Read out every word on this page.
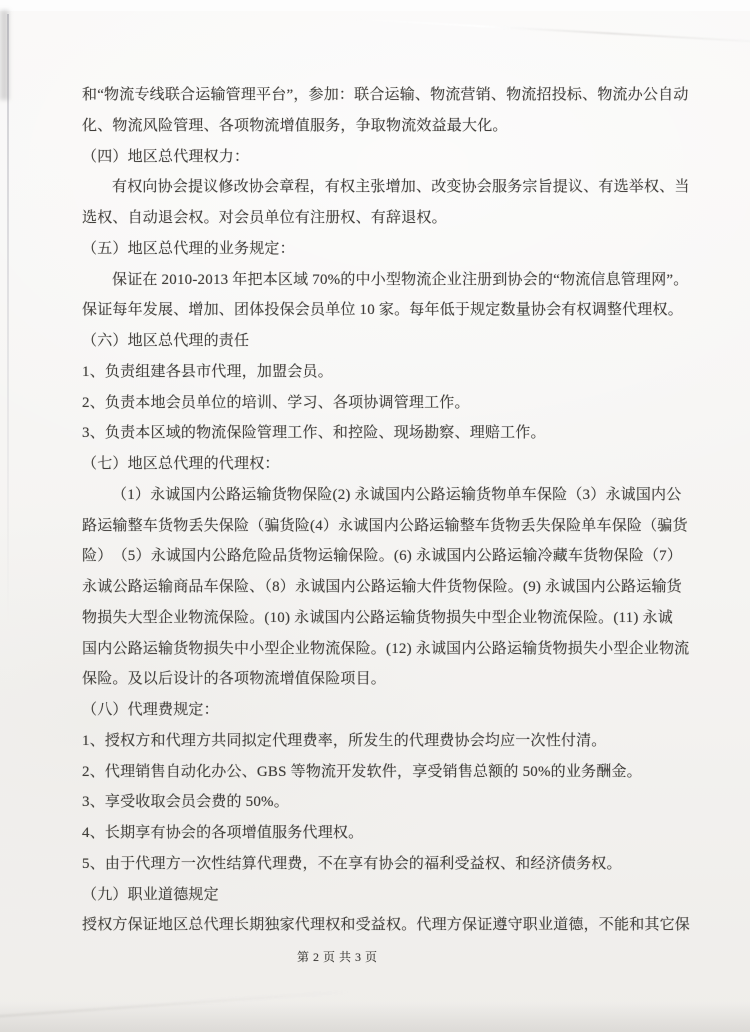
和“物流专线联合运输管理平台”，参加：联合运输、物流营销、物流招投标、物流办公自动
化、物流风险管理、各项物流增值服务，争取物流效益最大化。
（四）地区总代理权力：
有权向协会提议修改协会章程，有权主张增加、改变协会服务宗旨提议、有选举权、当
选权、自动退会权。对会员单位有注册权、有辞退权。
（五）地区总代理的业务规定：
保证在 2010-2013 年把本区域 70%的中小型物流企业注册到协会的“物流信息管理网”。
保证每年发展、增加、团体投保会员单位 10 家。每年低于规定数量协会有权调整代理权。
（六）地区总代理的责任
1、负责组建各县市代理，加盟会员。
2、负责本地会员单位的培训、学习、各项协调管理工作。
3、负责本区域的物流保险管理工作、和控险、现场勘察、理赔工作。
（七）地区总代理的代理权：
（1）永诚国内公路运输货物保险(2) 永诚国内公路运输货物单车保险（3）永诚国内公
路运输整车货物丢失保险（骗货险(4）永诚国内公路运输整车货物丢失保险单车保险（骗货
险）　（5）永诚国内公路危险品货物运输保险。(6) 永诚国内公路运输冷藏车货物保险（7）
永诚公路运输商品车保险、（8）永诚国内公路运输大件货物保险。(9) 永诚国内公路运输货
物损失大型企业物流保险。(10) 永诚国内公路运输货物损失中型企业物流保险。(11) 永诚
国内公路运输货物损失中小型企业物流保险。(12) 永诚国内公路运输货物损失小型企业物流
保险。及以后设计的各项物流增值保险项目。
（八）代理费规定：
1、授权方和代理方共同拟定代理费率，所发生的代理费协会均应一次性付清。
2、代理销售自动化办公、GBS 等物流开发软件，享受销售总额的 50%的业务酬金。
3、享受收取会员会费的 50%。
4、长期享有协会的各项增值服务代理权。
5、由于代理方一次性结算代理费，不在享有协会的福利受益权、和经济债务权。
（九）职业道德规定
授权方保证地区总代理长期独家代理权和受益权。代理方保证遵守职业道德，不能和其它保
第 2 页 共 3 页
